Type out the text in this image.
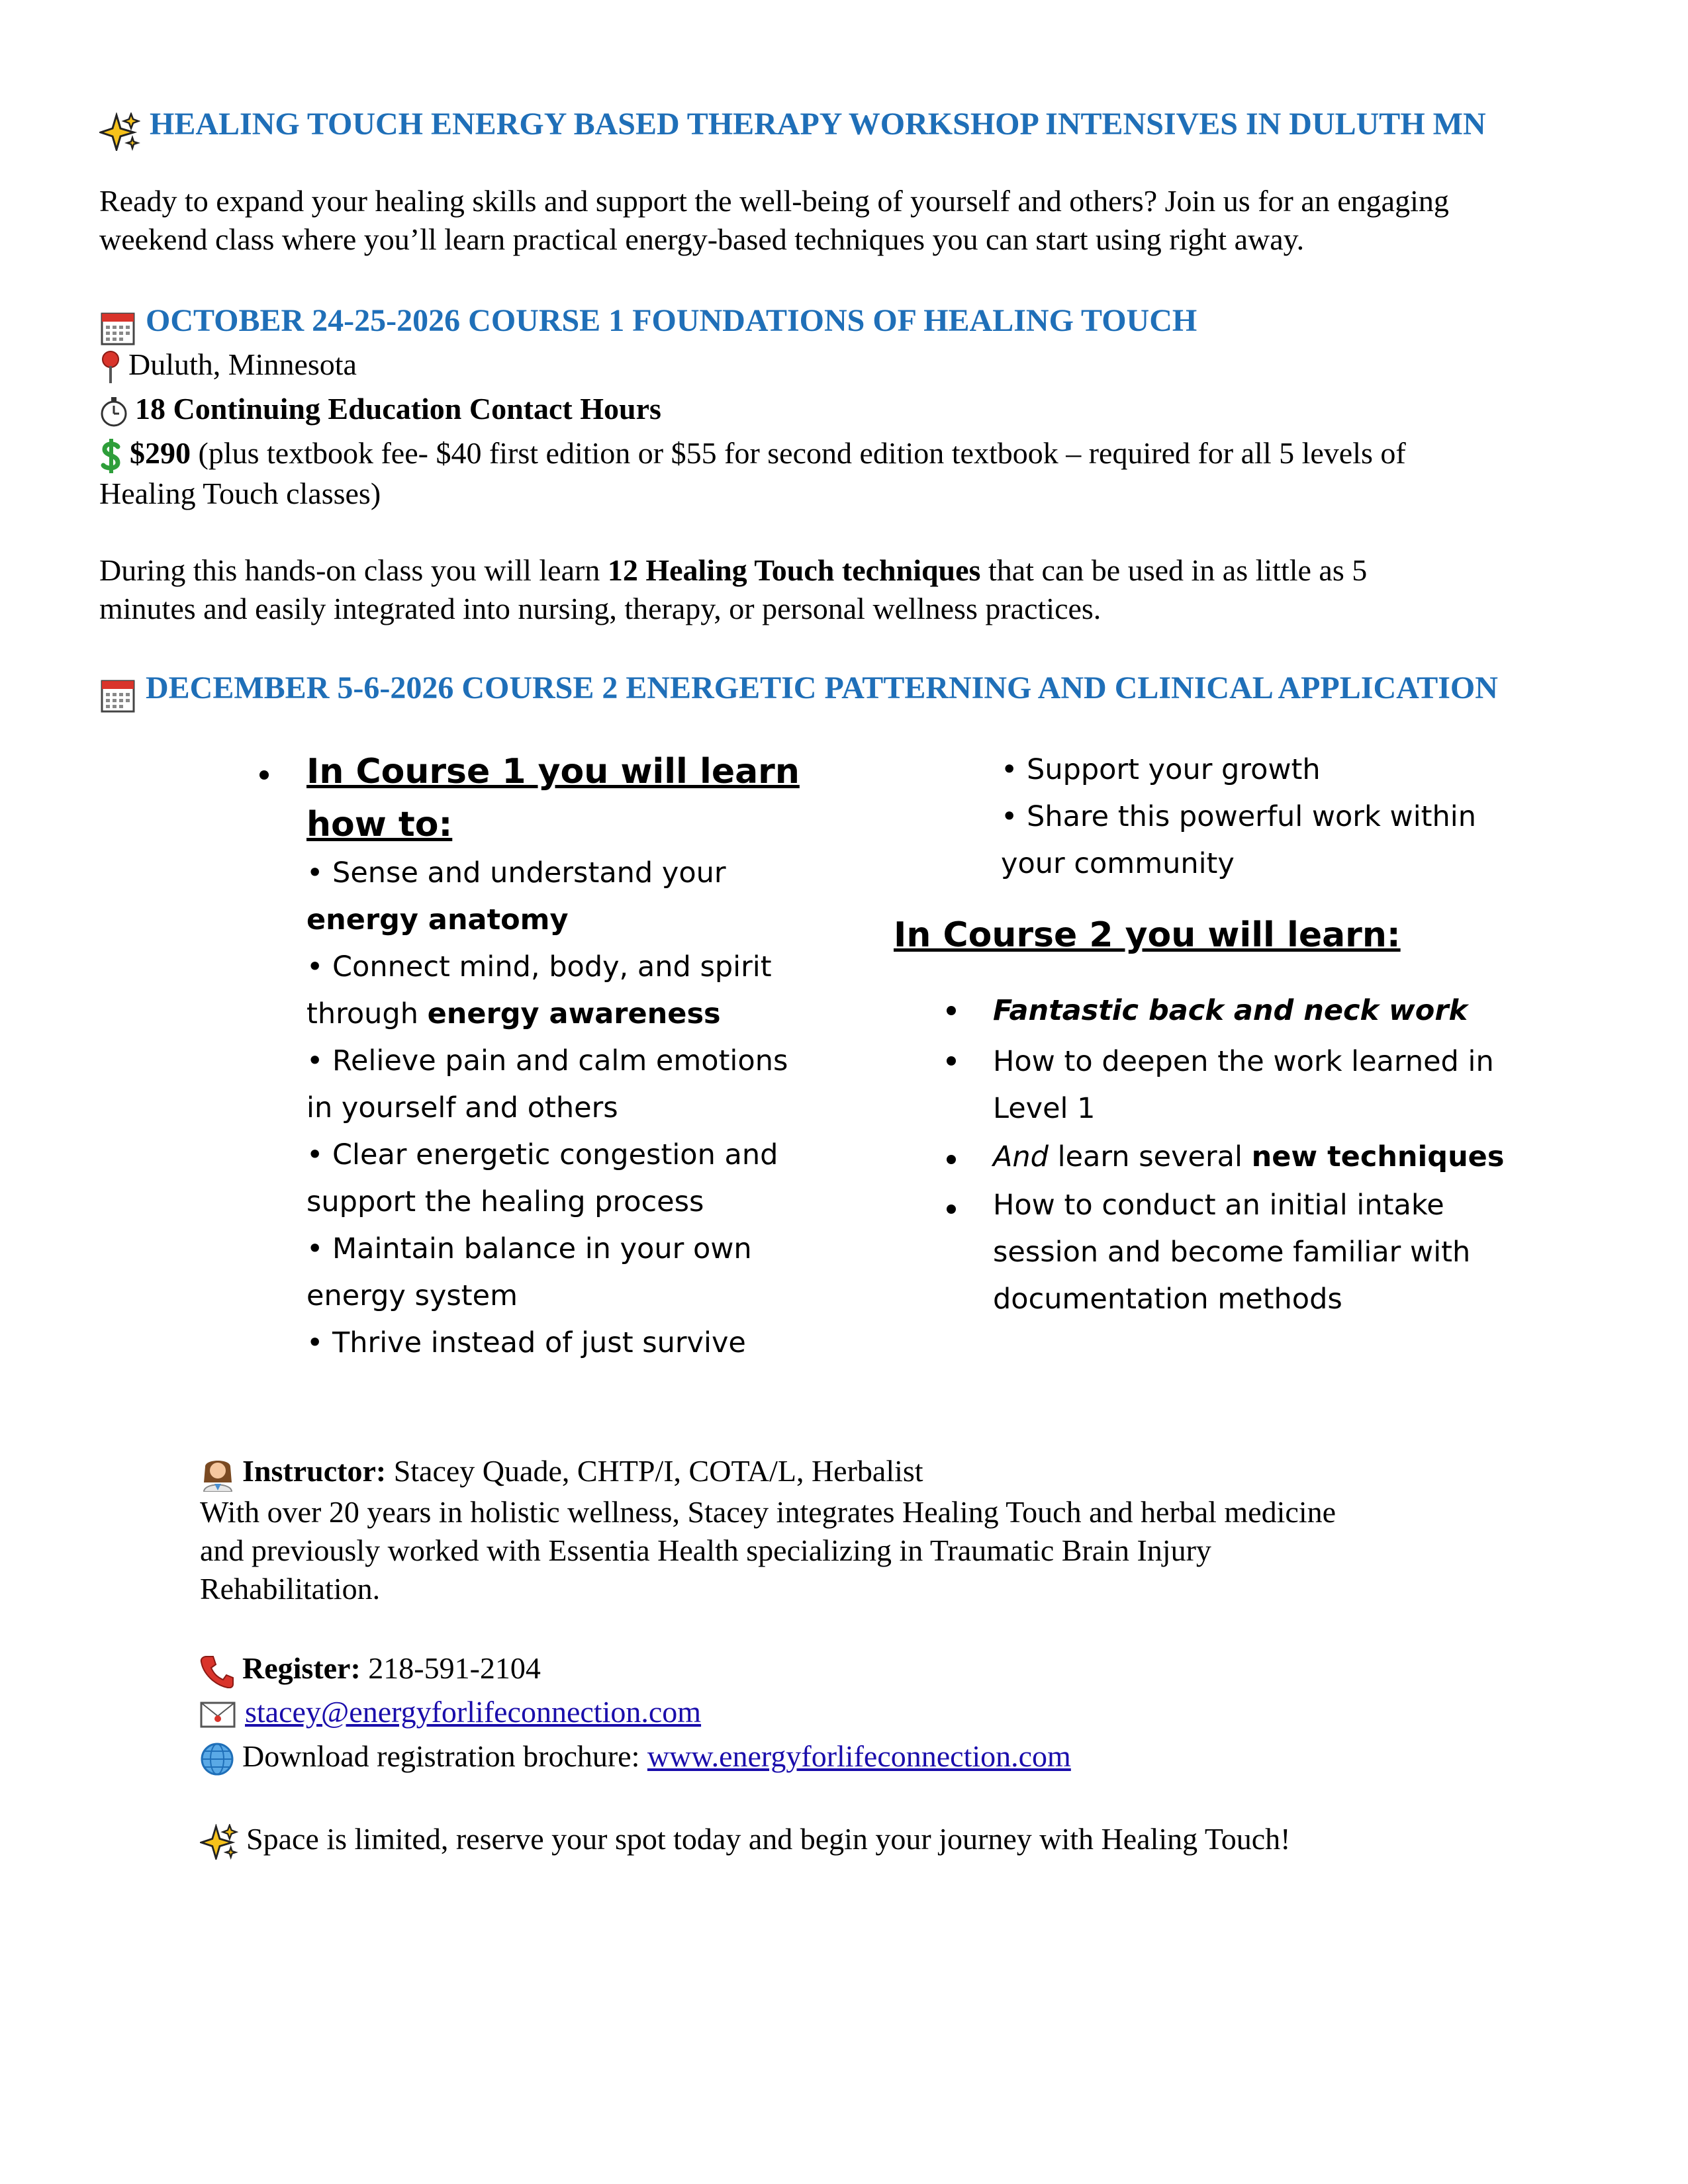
HEALING TOUCH ENERGY BASED THERAPY WORKSHOP INTENSIVES IN DULUTH MN
Ready to expand your healing skills and support the well-being of yourself and others? Join us for an engaging
weekend class where you’ll learn practical energy-based techniques you can start using right away.
OCTOBER 24-25-2026 COURSE 1 FOUNDATIONS OF HEALING TOUCH
Duluth, Minnesota
18 Continuing Education Contact Hours
$290 (plus textbook fee- $40 first edition or $55 for second edition textbook – required for all 5 levels of
Healing Touch classes)
During this hands-on class you will learn 12 Healing Touch techniques that can be used in as little as 5
minutes and easily integrated into nursing, therapy, or personal wellness practices.
DECEMBER 5-6-2026 COURSE 2 ENERGETIC PATTERNING AND CLINICAL APPLICATION
In Course 1 you will learn
how to:
• Sense and understand your
energy anatomy
• Connect mind, body, and spirit
through energy awareness
• Relieve pain and calm emotions
in yourself and others
• Clear energetic congestion and
support the healing process
• Maintain balance in your own
energy system
• Thrive instead of just survive
• Support your growth
• Share this powerful work within
your community
In Course 2 you will learn:
Fantastic back and neck work
How to deepen the work learned in
Level 1
And learn several new techniques
How to conduct an initial intake
session and become familiar with
documentation methods
Instructor: Stacey Quade, CHTP/I, COTA/L, Herbalist
With over 20 years in holistic wellness, Stacey integrates Healing Touch and herbal medicine
and previously worked with Essentia Health specializing in Traumatic Brain Injury
Rehabilitation.
Register: 218-591-2104
stacey@energyforlifeconnection.com
Download registration brochure: www.energyforlifeconnection.com
Space is limited, reserve your spot today and begin your journey with Healing Touch!
